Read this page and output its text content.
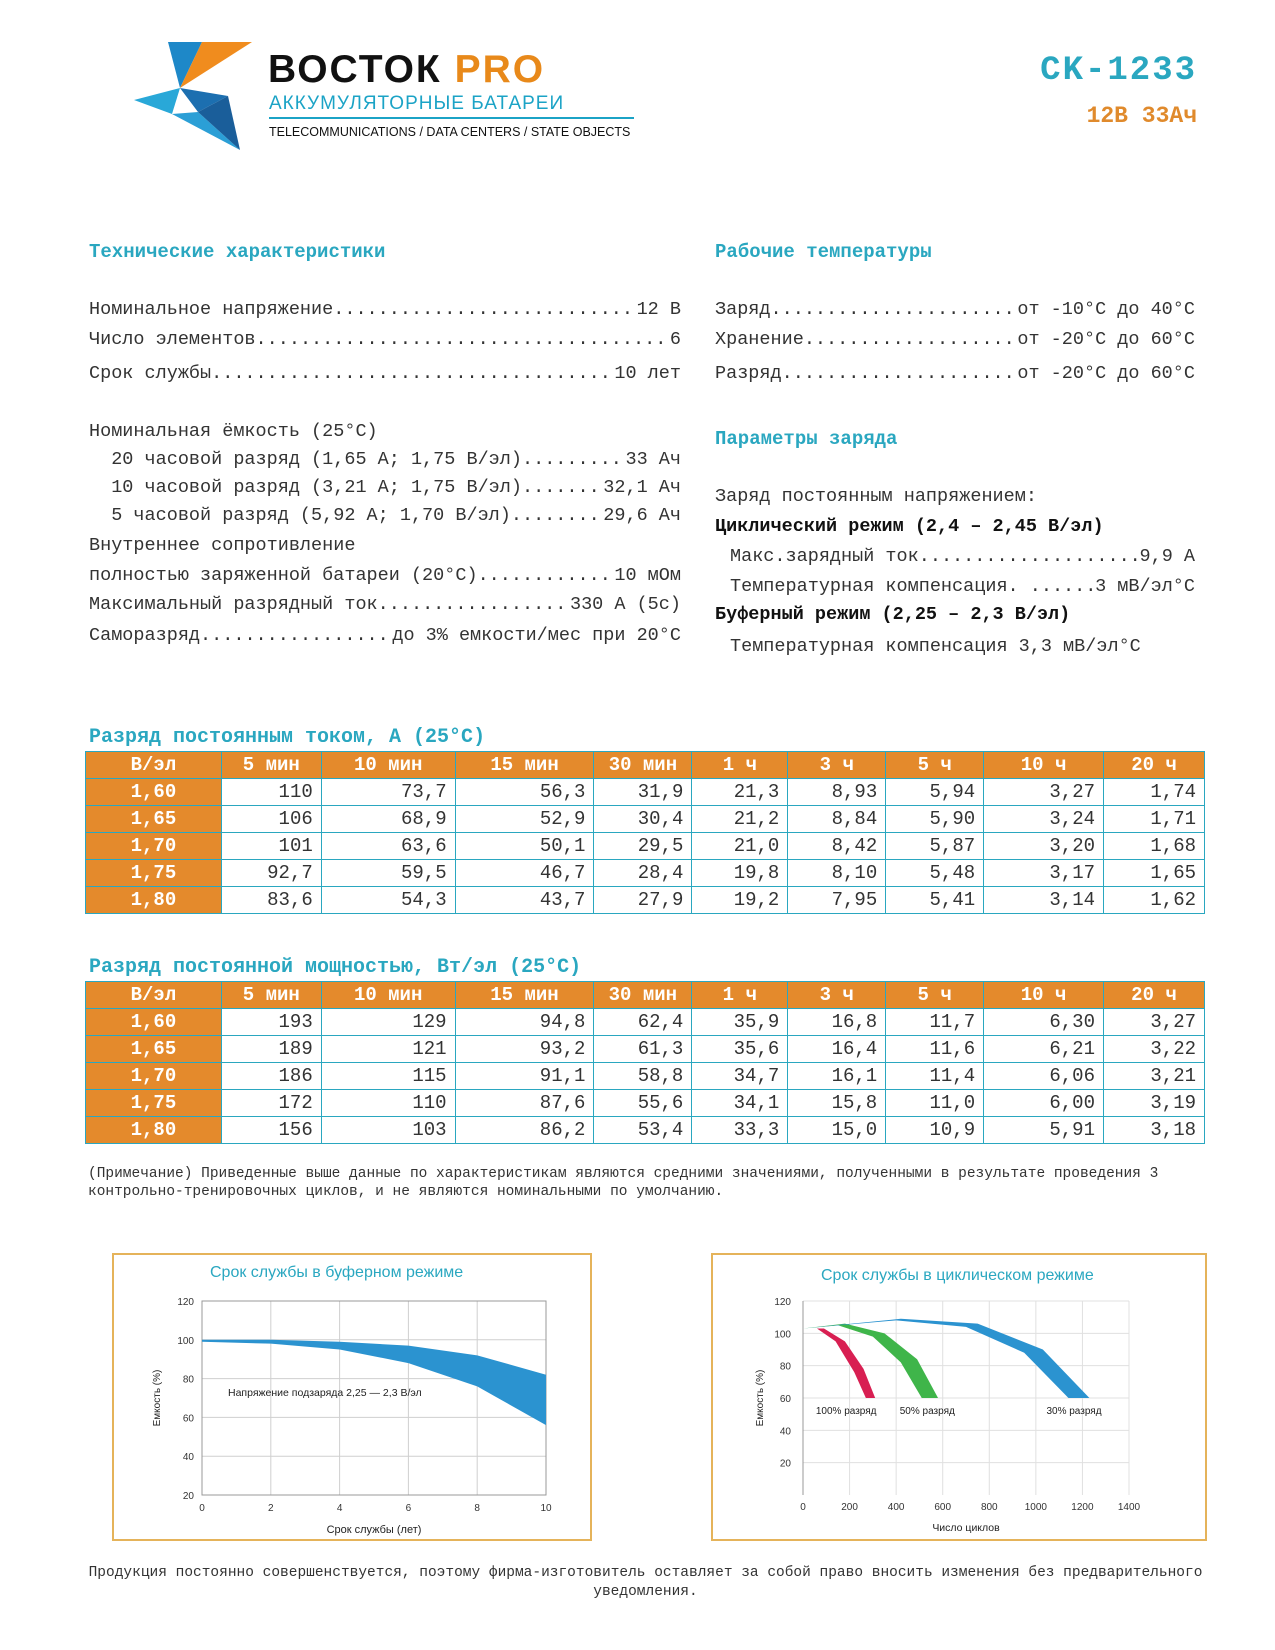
ВОСТОК PRO
АККУМУЛЯТОРНЫЕ БАТАРЕИ
TELECOMMUNICATIONS / DATA CENTERS / STATE OBJECTS
CK-1233
12В 33Ач
Технические характеристики
Номинальное напряжение .....	12 В
Число элементов .....	6
Срок службы .....	10 лет
Номинальная ёмкость (25°С)
20 часовой разряд (1,65 А; 1,75 В/эл) .....	33 Ач
10 часовой разряд (3,21 А; 1,75 В/эл) .....	32,1 Ач
5 часовой разряд (5,92 А; 1,70 В/эл) .....	29,6 Ач
Внутреннее сопротивление
полностью заряженной батареи (20°С) .....	10 мОм
Максимальный разрядный ток .....	330 А (5с)
Саморазряд .....	до 3% емкости/мес при 20°С
Рабочие температуры
Заряд .....	от -10°С до 40°С
Хранение .....	от -20°С до 60°С
Разряд .....	от -20°С до 60°С
Параметры заряда
Заряд постоянным напряжением:
Циклический режим (2,4 – 2,45 В/эл)
Макс.зарядный ток .....	9,9 А
Температурная компенсация. .....	3 мВ/эл°С
Буферный режим (2,25 – 2,3 В/эл)
Температурная компенсация 3,3 мВ/эл°С
Разряд постоянным током, А (25°С)
В/эл	5 мин	10 мин	15 мин	30 мин	1 ч	3 ч	5 ч	10 ч	20 ч
1,60	110	73,7	56,3	31,9	21,3	8,93	5,94	3,27	1,74
1,65	106	68,9	52,9	30,4	21,2	8,84	5,90	3,24	1,71
1,70	101	63,6	50,1	29,5	21,0	8,42	5,87	3,20	1,68
1,75	92,7	59,5	46,7	28,4	19,8	8,10	5,48	3,17	1,65
1,80	83,6	54,3	43,7	27,9	19,2	7,95	5,41	3,14	1,62
Разряд постоянной мощностью, Вт/эл (25°С)
В/эл	5 мин	10 мин	15 мин	30 мин	1 ч	3 ч	5 ч	10 ч	20 ч
1,60	193	129	94,8	62,4	35,9	16,8	11,7	6,30	3,27
1,65	189	121	93,2	61,3	35,6	16,4	11,6	6,21	3,22
1,70	186	115	91,1	58,8	34,7	16,1	11,4	6,06	3,21
1,75	172	110	87,6	55,6	34,1	15,8	11,0	6,00	3,19
1,80	156	103	86,2	53,4	33,3	15,0	10,9	5,91	3,18
(Примечание) Приведенные выше данные по характеристикам являются средними значениями, полученными в результате проведения 3 контрольно-тренировочных циклов, и не являются номинальными по умолчанию.
Срок службы в буферном режиме
0	2	4	6	8	10
20
40
60
80
100
120
Напряжение подзаряда 2,25 — 2,3 В/эл
Срок службы (лет)
Емкость (%)
Срок службы в циклическом режиме
0	200	400	600	800	1000 1200 1400
20
40
60
80
100
120
100% разряд 50% разряд	30% разряд
Число циклов
Емкость (%)
Продукция постоянно совершенствуется, поэтому фирма-изготовитель оставляет за собой право вносить изменения без предварительного уведомления.
